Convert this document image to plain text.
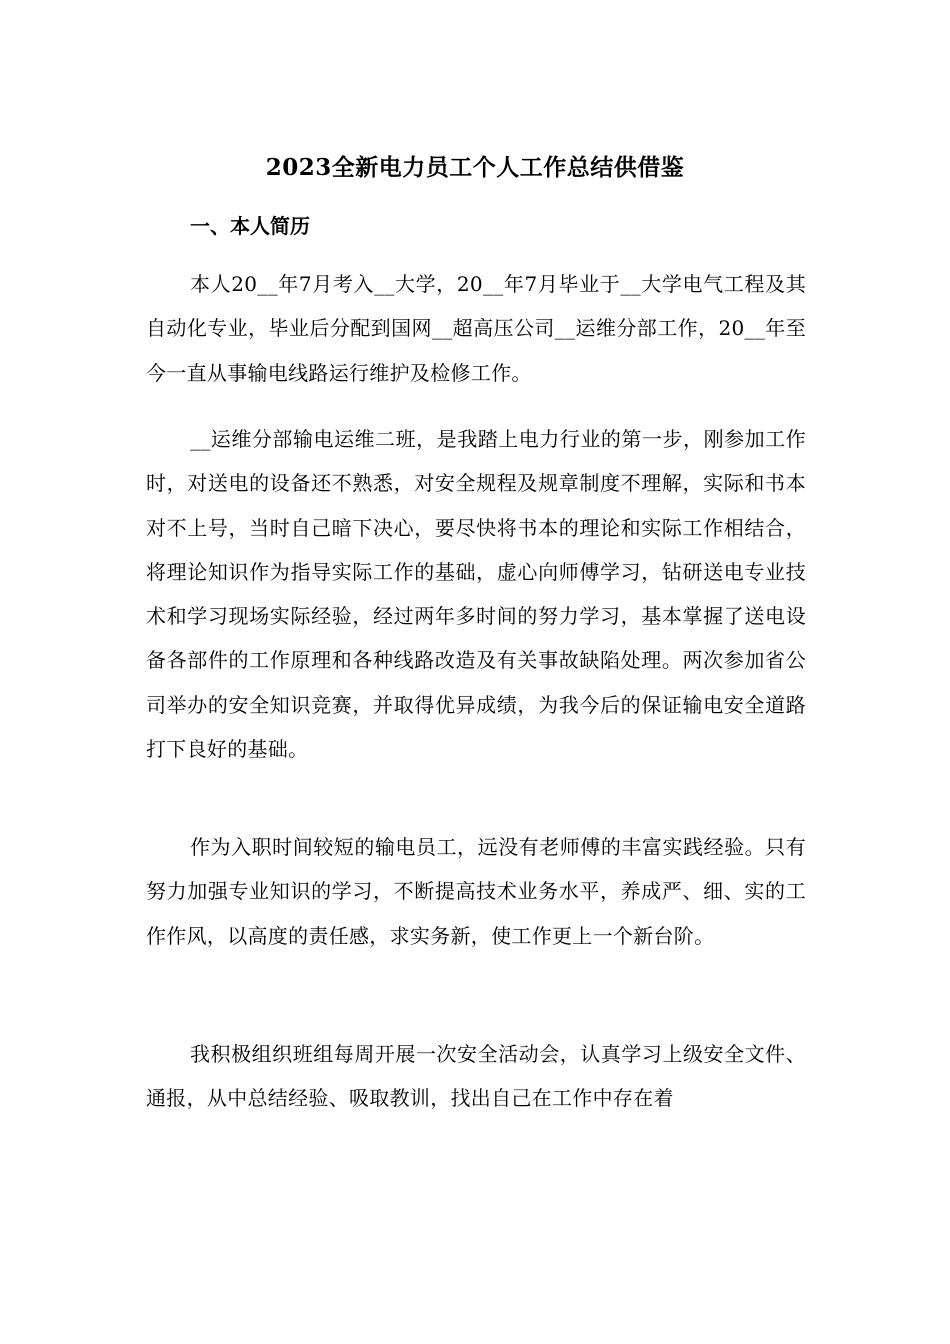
2023全新电力员工个人工作总结供借鉴
一、本人简历

本人20__年7月考入__大学，20__年7月毕业于__大学电气工程及其自动化专业，毕业后分配到国网__超高压公司__运维分部工作，20__年至今一直从事输电线路运行维护及检修工作。

__运维分部输电运维二班，是我踏上电力行业的第一步，刚参加工作时，对送电的设备还不熟悉，对安全规程及规章制度不理解，实际和书本对不上号，当时自己暗下决心，要尽快将书本的理论和实际工作相结合，将理论知识作为指导实际工作的基础，虚心向师傅学习，钻研送电专业技术和学习现场实际经验，经过两年多时间的努力学习，基本掌握了送电设备各部件的工作原理和各种线路改造及有关事故缺陷处理。两次参加省公司举办的安全知识竞赛，并取得优异成绩，为我今后的保证输电安全道路打下良好的基础。

作为入职时间较短的输电员工，远没有老师傅的丰富实践经验。只有努力加强专业知识的学习，不断提高技术业务水平，养成严、细、实的工作作风，以高度的责任感，求实务新，使工作更上一个新台阶。

我积极组织班组每周开展一次安全活动会，认真学习上级安全文件、通报，从中总结经验、吸取教训，找出自己在工作中存在着
